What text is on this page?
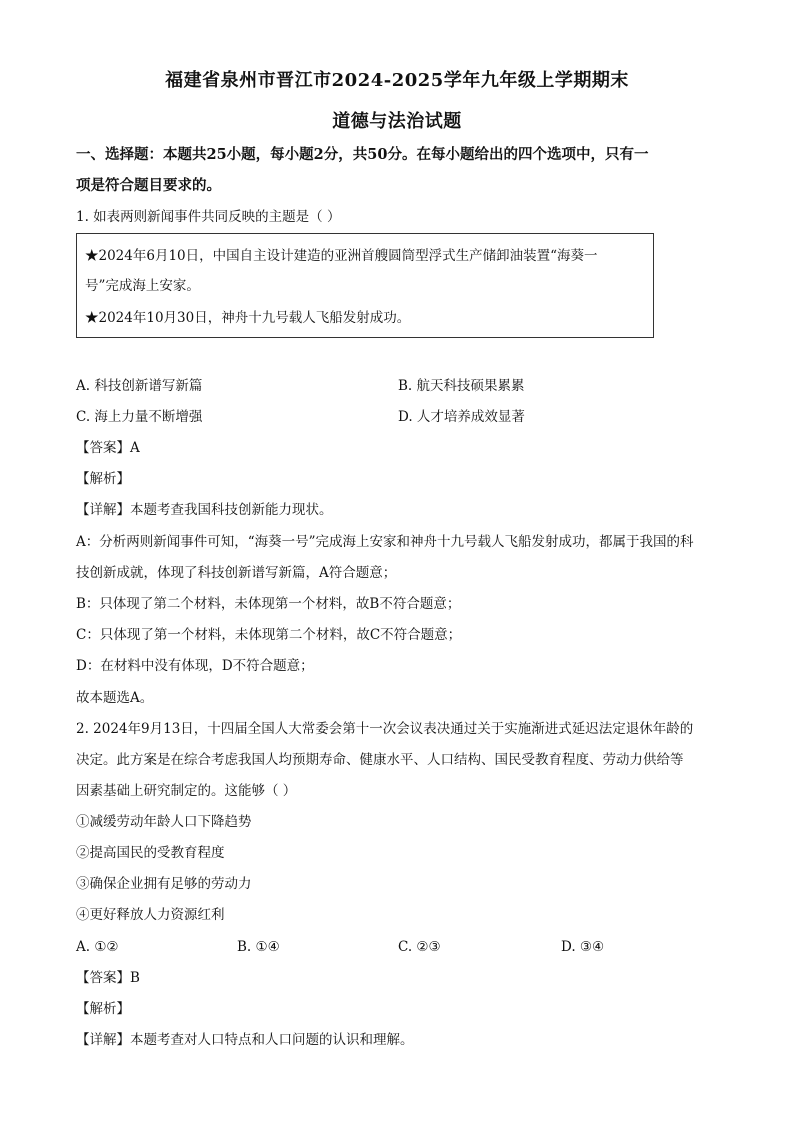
福建省泉州市晋江市2024-2025学年九年级上学期期末
道德与法治试题
一、选择题：本题共25小题，每小题2分，共50分。在每小题给出的四个选项中，只有一
项是符合题目要求的。
1. 如表两则新闻事件共同反映的主题是（ ）
★2024年6月10日，中国自主设计建造的亚洲首艘圆筒型浮式生产储卸油装置“海葵一
号”完成海上安家。
★2024年10月30日，神舟十九号载人飞船发射成功。
A. 科技创新谱写新篇	B. 航天科技硕果累累
C. 海上力量不断增强	D. 人才培养成效显著
【答案】A
【解析】
【详解】本题考查我国科技创新能力现状。
A：分析两则新闻事件可知，“海葵一号”完成海上安家和神舟十九号载人飞船发射成功，都属于我国的科
技创新成就，体现了科技创新谱写新篇，A符合题意；
B：只体现了第二个材料，未体现第一个材料，故B不符合题意；
C：只体现了第一个材料，未体现第二个材料，故C不符合题意；
D：在材料中没有体现，D不符合题意；
故本题选A。
2. 2024年9月13日，十四届全国人大常委会第十一次会议表决通过关于实施渐进式延迟法定退休年龄的
决定。此方案是在综合考虑我国人均预期寿命、健康水平、人口结构、国民受教育程度、劳动力供给等
因素基础上研究制定的。这能够（ ）
①减缓劳动年龄人口下降趋势
②提高国民的受教育程度
③确保企业拥有足够的劳动力
④更好释放人力资源红利
A. ①②	B. ①④	C. ②③	D. ③④
【答案】B
【解析】
【详解】本题考查对人口特点和人口问题的认识和理解。
